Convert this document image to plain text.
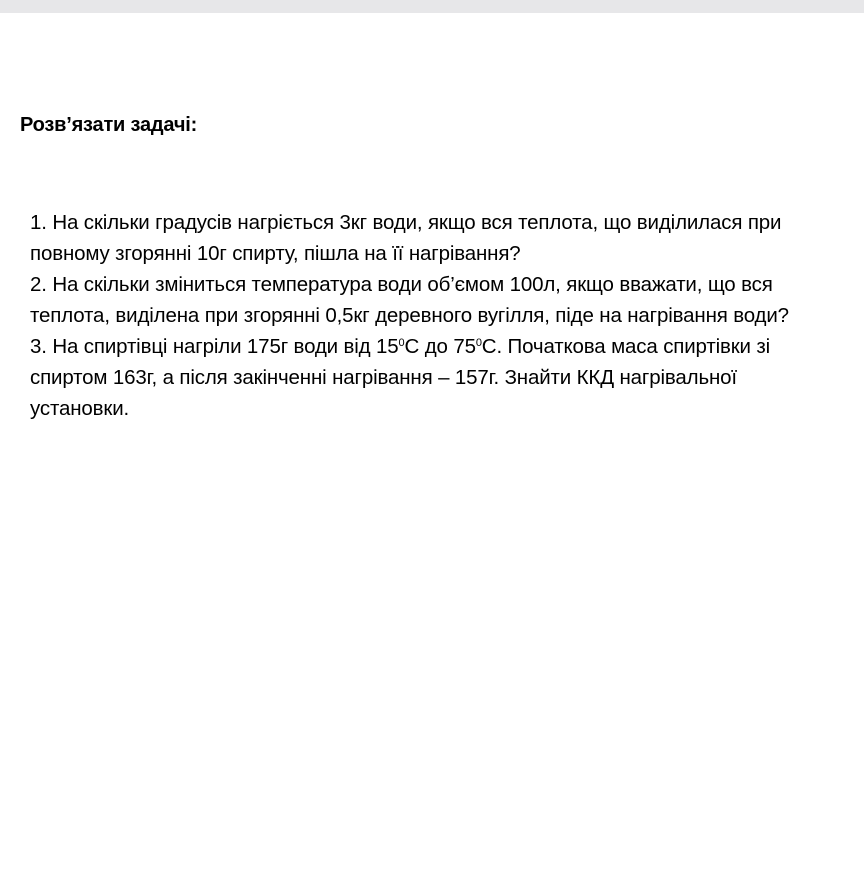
Розв’язати задачі:

1. На скільки градусів нагріється 3кг води, якщо вся теплота, що виділилася при
повному згорянні 10г спирту, пішла на її нагрівання?

2. На скільки зміниться температура води об’ємом 100л, якщо вважати, що вся
теплота, виділена при згорянні 0,5кг деревного вугілля, піде на нагрівання води?

3. На спиртівці нагріли 175г води від $15^0С$ до $75^0С$. Початкова маса спиртівки зі
спиртом 163г, а після закінченні нагрівання – 157г. Знайти ККД нагрівальної
установки.
